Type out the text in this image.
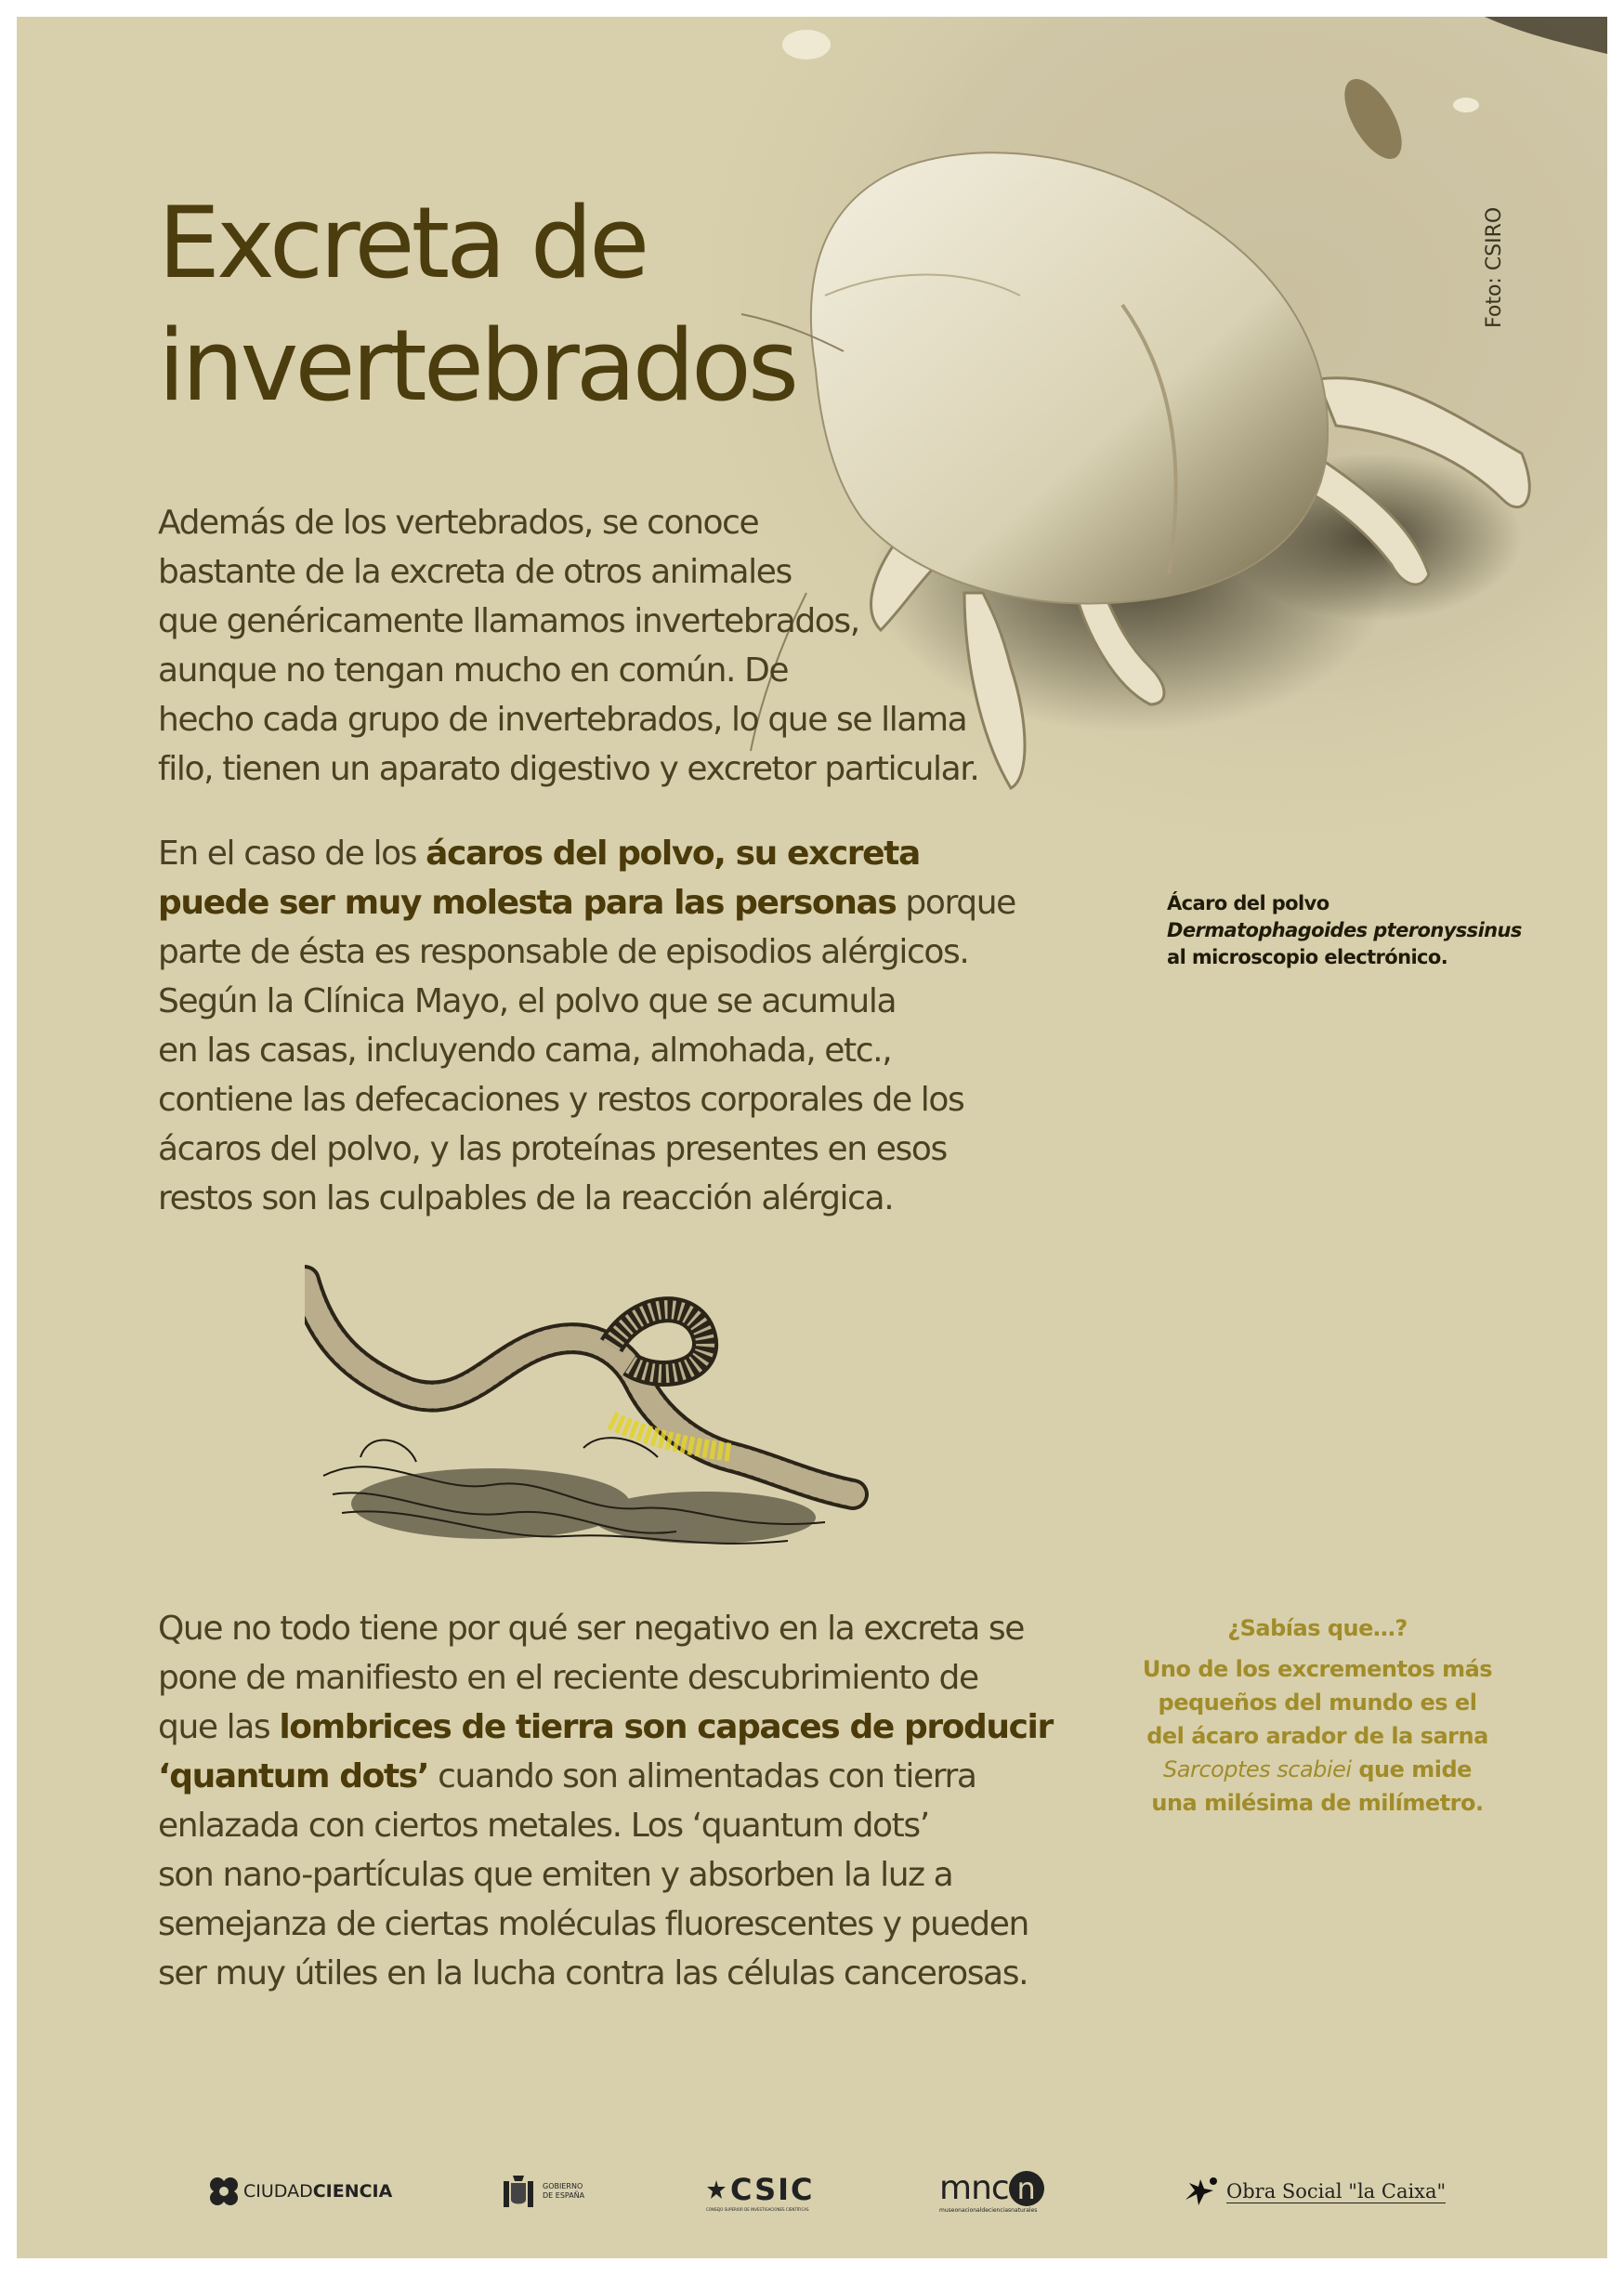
Foto: CSIRO
Excreta de
invertebrados

Además de los vertebrados, se conoce
bastante de la excreta de otros animales
que genéricamente llamamos invertebrados,
aunque no tengan mucho en común. De
hecho cada grupo de invertebrados, lo que se llama
filo, tienen un aparato digestivo y excretor particular.

En el caso de los ácaros del polvo, su excreta
puede ser muy molesta para las personas porque
parte de ésta es responsable de episodios alérgicos.
Según la Clínica Mayo, el polvo que se acumula
en las casas, incluyendo cama, almohada, etc.,
contiene las defecaciones y restos corporales de los
ácaros del polvo, y las proteínas presentes en esos
restos son las culpables de la reacción alérgica.

Ácaro del polvo
Dermatophagoides pteronyssinus
al microscopio electrónico.

Que no todo tiene por qué ser negativo en la excreta se
pone de manifiesto en el reciente descubrimiento de
que las lombrices de tierra son capaces de producir
‘quantum dots’ cuando son alimentadas con tierra
enlazada con ciertos metales. Los ‘quantum dots’
son nano-partículas que emiten y absorben la luz a
semejanza de ciertas moléculas fluorescentes y pueden
ser muy útiles en la lucha contra las células cancerosas.

¿Sabías que…?
Uno de los excrementos más
pequeños del mundo es el
del ácaro arador de la sarna
Sarcoptes scabiei que mide
una milésima de milímetro.
CIUDADCIENCIA	GOBIERNO
DE ESPAÑA	CSIC
CONSEJO SUPERIOR DE INVESTIGACIONES CIENTÍFICAS
mnc n
museonacionaldecienciasnaturales
Obra Social "la Caixa"
